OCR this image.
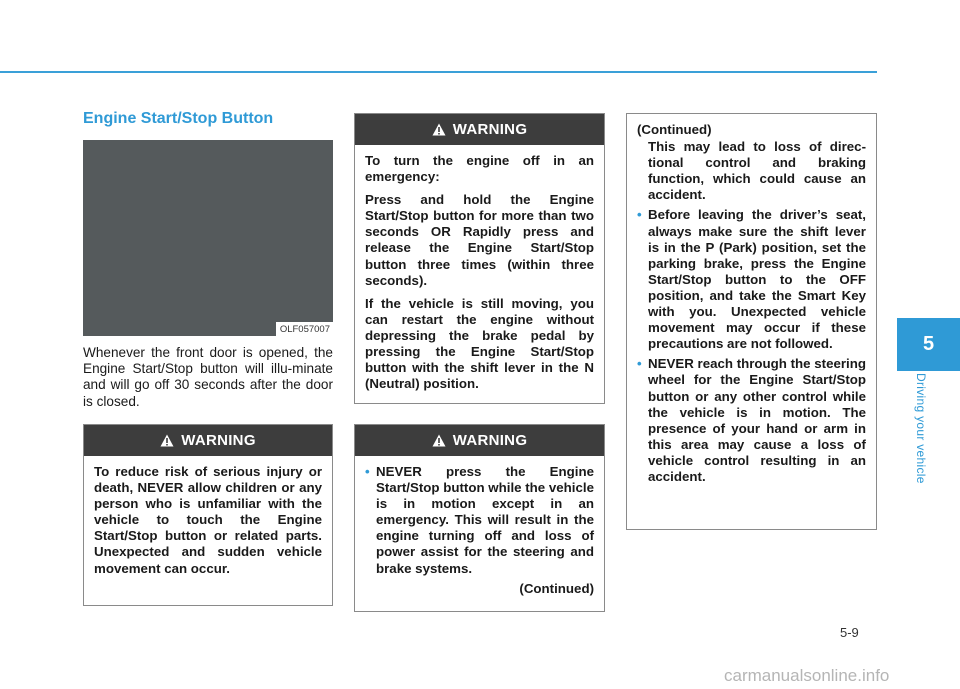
Engine Start/Stop Button
OLF057007
Whenever the front door is opened, the Engine Start/Stop button will illu-minate and will go off 30 seconds after the door is closed.
WARNING

To reduce risk of serious injury or death, NEVER allow children or any person who is unfamiliar with the vehicle to touch the Engine Start/Stop button or related parts. Unexpected and sudden vehicle movement can occur.

WARNING

To turn the engine off in an emergency:

Press and hold the Engine Start/Stop button for more than two seconds OR Rapidly press and release the Engine Start/Stop button three times (within three seconds).

If the vehicle is still moving, you can restart the engine without depressing the brake pedal by pressing the Engine Start/Stop button with the shift lever in the N (Neutral) position.

WARNING
• NEVER press the Engine Start/Stop button while the vehicle is in motion except in an emergency. This will result in the engine turning off and loss of power assist for the steering and brake systems.
(Continued)
(Continued)
This may lead to loss of direc-tional control and braking function, which could cause an accident.
• Before leaving the driver’s seat, always make sure the shift lever is in the P (Park) position, set the parking brake, press the Engine Start/Stop button to the OFF position, and take the Smart Key with you. Unexpected vehicle movement may occur if these precautions are not followed.
• NEVER reach through the steering wheel for the Engine Start/Stop button or any other control while the vehicle is in motion. The presence of your hand or arm in this area may cause a loss of vehicle control resulting in an accident.
5
Driving your vehicle
5-9
carmanualsonline.info
